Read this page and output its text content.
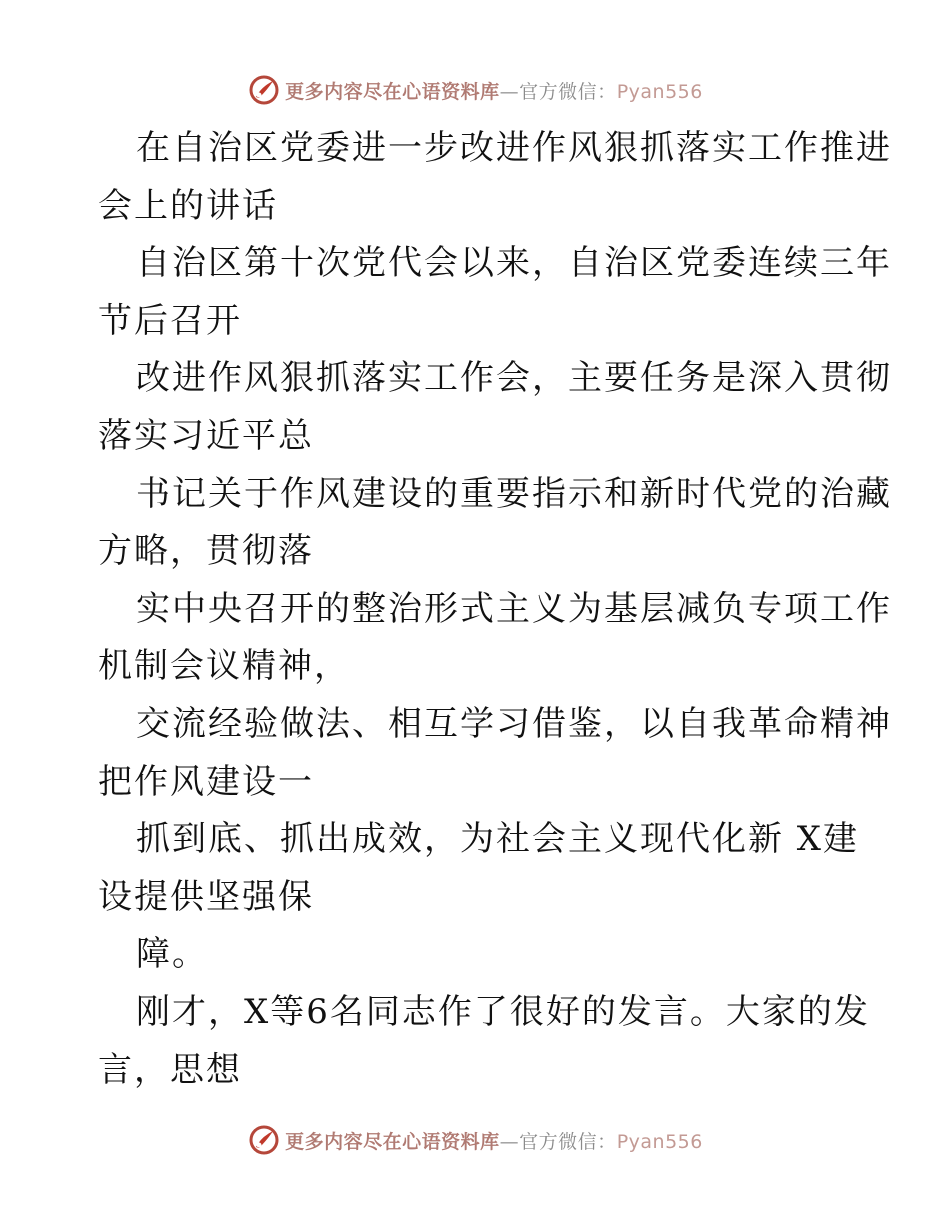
更多内容尽在心语资料库—官方微信：Pyan556
在自治区党委进一步改进作风狠抓落实工作推进
会上的讲话
自治区第十次党代会以来，自治区党委连续三年
节后召开
改进作风狠抓落实工作会，主要任务是深入贯彻
落实习近平总
书记关于作风建设的重要指示和新时代党的治藏
方略，贯彻落
实中央召开的整治形式主义为基层减负专项工作
机制会议精神，
交流经验做法、相互学习借鉴，以自我革命精神
把作风建设一
抓到底、抓出成效，为社会主义现代化新 X建
设提供坚强保
障。
刚才，X等6名同志作了很好的发言。大家的发
言，思想
更多内容尽在心语资料库—官方微信：Pyan556
